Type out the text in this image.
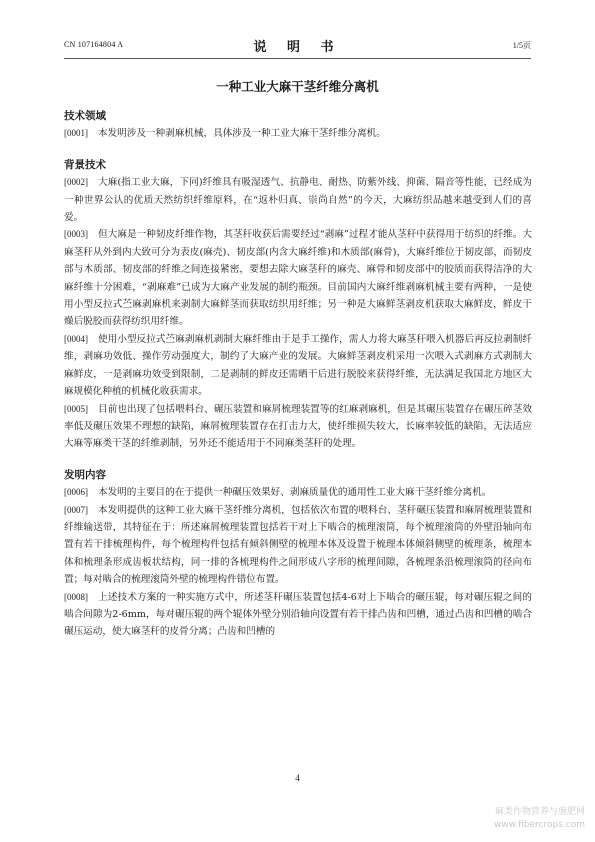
CN 107164804 A	说 明 书	1/5页
一种工业大麻干茎纤维分离机

技术领域

[0001] 本发明涉及一种剥麻机械，具体涉及一种工业大麻干茎纤维分离机。

背景技术

[0002] 大麻(指工业大麻，下同)纤维具有吸湿透气、抗静电、耐热、防紫外线、抑菌、隔音等性能，已经成为一种世界公认的优质天然纺织纤维原料，在“返朴归真、崇尚自然”的今天，大麻纺织品越来越受到人们的喜爱。

[0003] 但大麻是一种韧皮纤维作物，其茎秆收获后需要经过“剥麻”过程才能从茎秆中获得用于纺织的纤维。大麻茎秆从外到内大致可分为表皮(麻壳)、韧皮部(内含大麻纤维)和木质部(麻骨)，大麻纤维位于韧皮部，而韧皮部与木质部、韧皮部的纤维之间连接紧密，要想去除大麻茎秆的麻壳、麻骨和韧皮部中的胶质而获得洁净的大麻纤维十分困难，“剥麻难”已成为大麻产业发展的制约瓶颈。目前国内大麻纤维剥麻机械主要有两种，一是使用小型反拉式苎麻剥麻机来剥制大麻鲜茎而获取纺织用纤维；另一种是大麻鲜茎剥皮机获取大麻鲜皮，鲜皮干燥后脱胶而获得纺织用纤维。

[0004] 使用小型反拉式苎麻剥麻机剥制大麻纤维由于是手工操作，需人力将大麻茎秆喂入机器后再反拉剥制纤维，剥麻功效低、操作劳动强度大，制约了大麻产业的发展。大麻鲜茎剥皮机采用一次喂入式剥麻方式剥制大麻鲜皮，一是剥麻功效受到限制，二是剥制的鲜皮还需晒干后进行脱胶来获得纤维，无法满足我国北方地区大麻规模化种植的机械化收获需求。

[0005] 目前也出现了包括喂料台、碾压装置和麻屑梳理装置等的红麻剥麻机，但是其碾压装置存在碾压碎茎效率低及碾压效果不理想的缺陷，麻屑梳理装置存在打击力大，使纤维损失较大，长麻率较低的缺陷，无法适应大麻等麻类干茎的纤维剥制，另外还不能适用于不同麻类茎秆的处理。

发明内容

[0006] 本发明的主要目的在于提供一种碾压效果好、剥麻质量优的通用性工业大麻干茎纤维分离机。

[0007] 本发明提供的这种工业大麻干茎纤维分离机，包括依次布置的喂料台、茎秆碾压装置和麻屑梳理装置和纤维输送带，其特征在于：所述麻屑梳理装置包括若干对上下啮合的梳理滚筒，每个梳理滚筒的外壁沿轴向布置有若干排梳理构件，每个梳理构件包括有倾斜侧壁的梳理本体及设置于梳理本体倾斜侧壁的梳理条，梳理本体和梳理条形成齿板状结构，同一排的各梳理构件之间形成八字形的梳理间隙，各梳理条沿梳理滚筒的径向布置；每对啮合的梳理滚筒外壁的梳理构件错位布置。

[0008] 上述技术方案的一种实施方式中，所述茎秆碾压装置包括4-6对上下啮合的碾压辊，每对碾压辊之间的啮合间隙为2-6mm，每对碾压辊的两个辊体外壁分别沿轴向设置有若干排凸齿和凹槽，通过凸齿和凹槽的啮合碾压运动，使大麻茎秆的皮骨分离；凸齿和凹槽的

4
麻类作物营养与施肥网
www.fibercrops.com
